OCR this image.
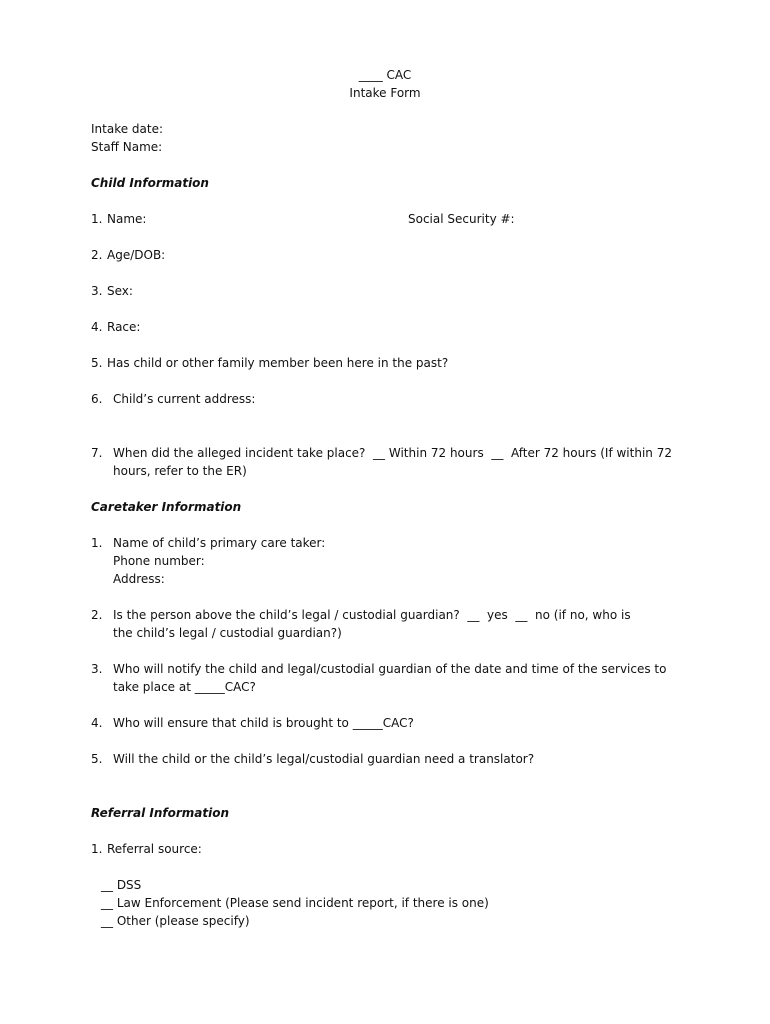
____ CAC
Intake Form
Intake date:
Staff Name:
Child Information
1. Name:	Social Security #:
2. Age/DOB:
3. Sex:
4. Race:
5. Has child or other family member been here in the past?
6. Child’s current address:
7. When did the alleged incident take place?  __ Within 72 hours  __  After 72 hours (If within 72
hours, refer to the ER)
Caretaker Information
1. Name of child’s primary care taker:
Phone number:
Address:
2. Is the person above the child’s legal / custodial guardian?  __  yes  __  no (if no, who is
the child’s legal / custodial guardian?)
3. Who will notify the child and legal/custodial guardian of the date and time of the services to
take place at _____CAC?
4. Who will ensure that child is brought to _____CAC?
5. Will the child or the child’s legal/custodial guardian need a translator?
Referral Information
1. Referral source:
__ DSS
__ Law Enforcement (Please send incident report, if there is one)
__ Other (please specify)
